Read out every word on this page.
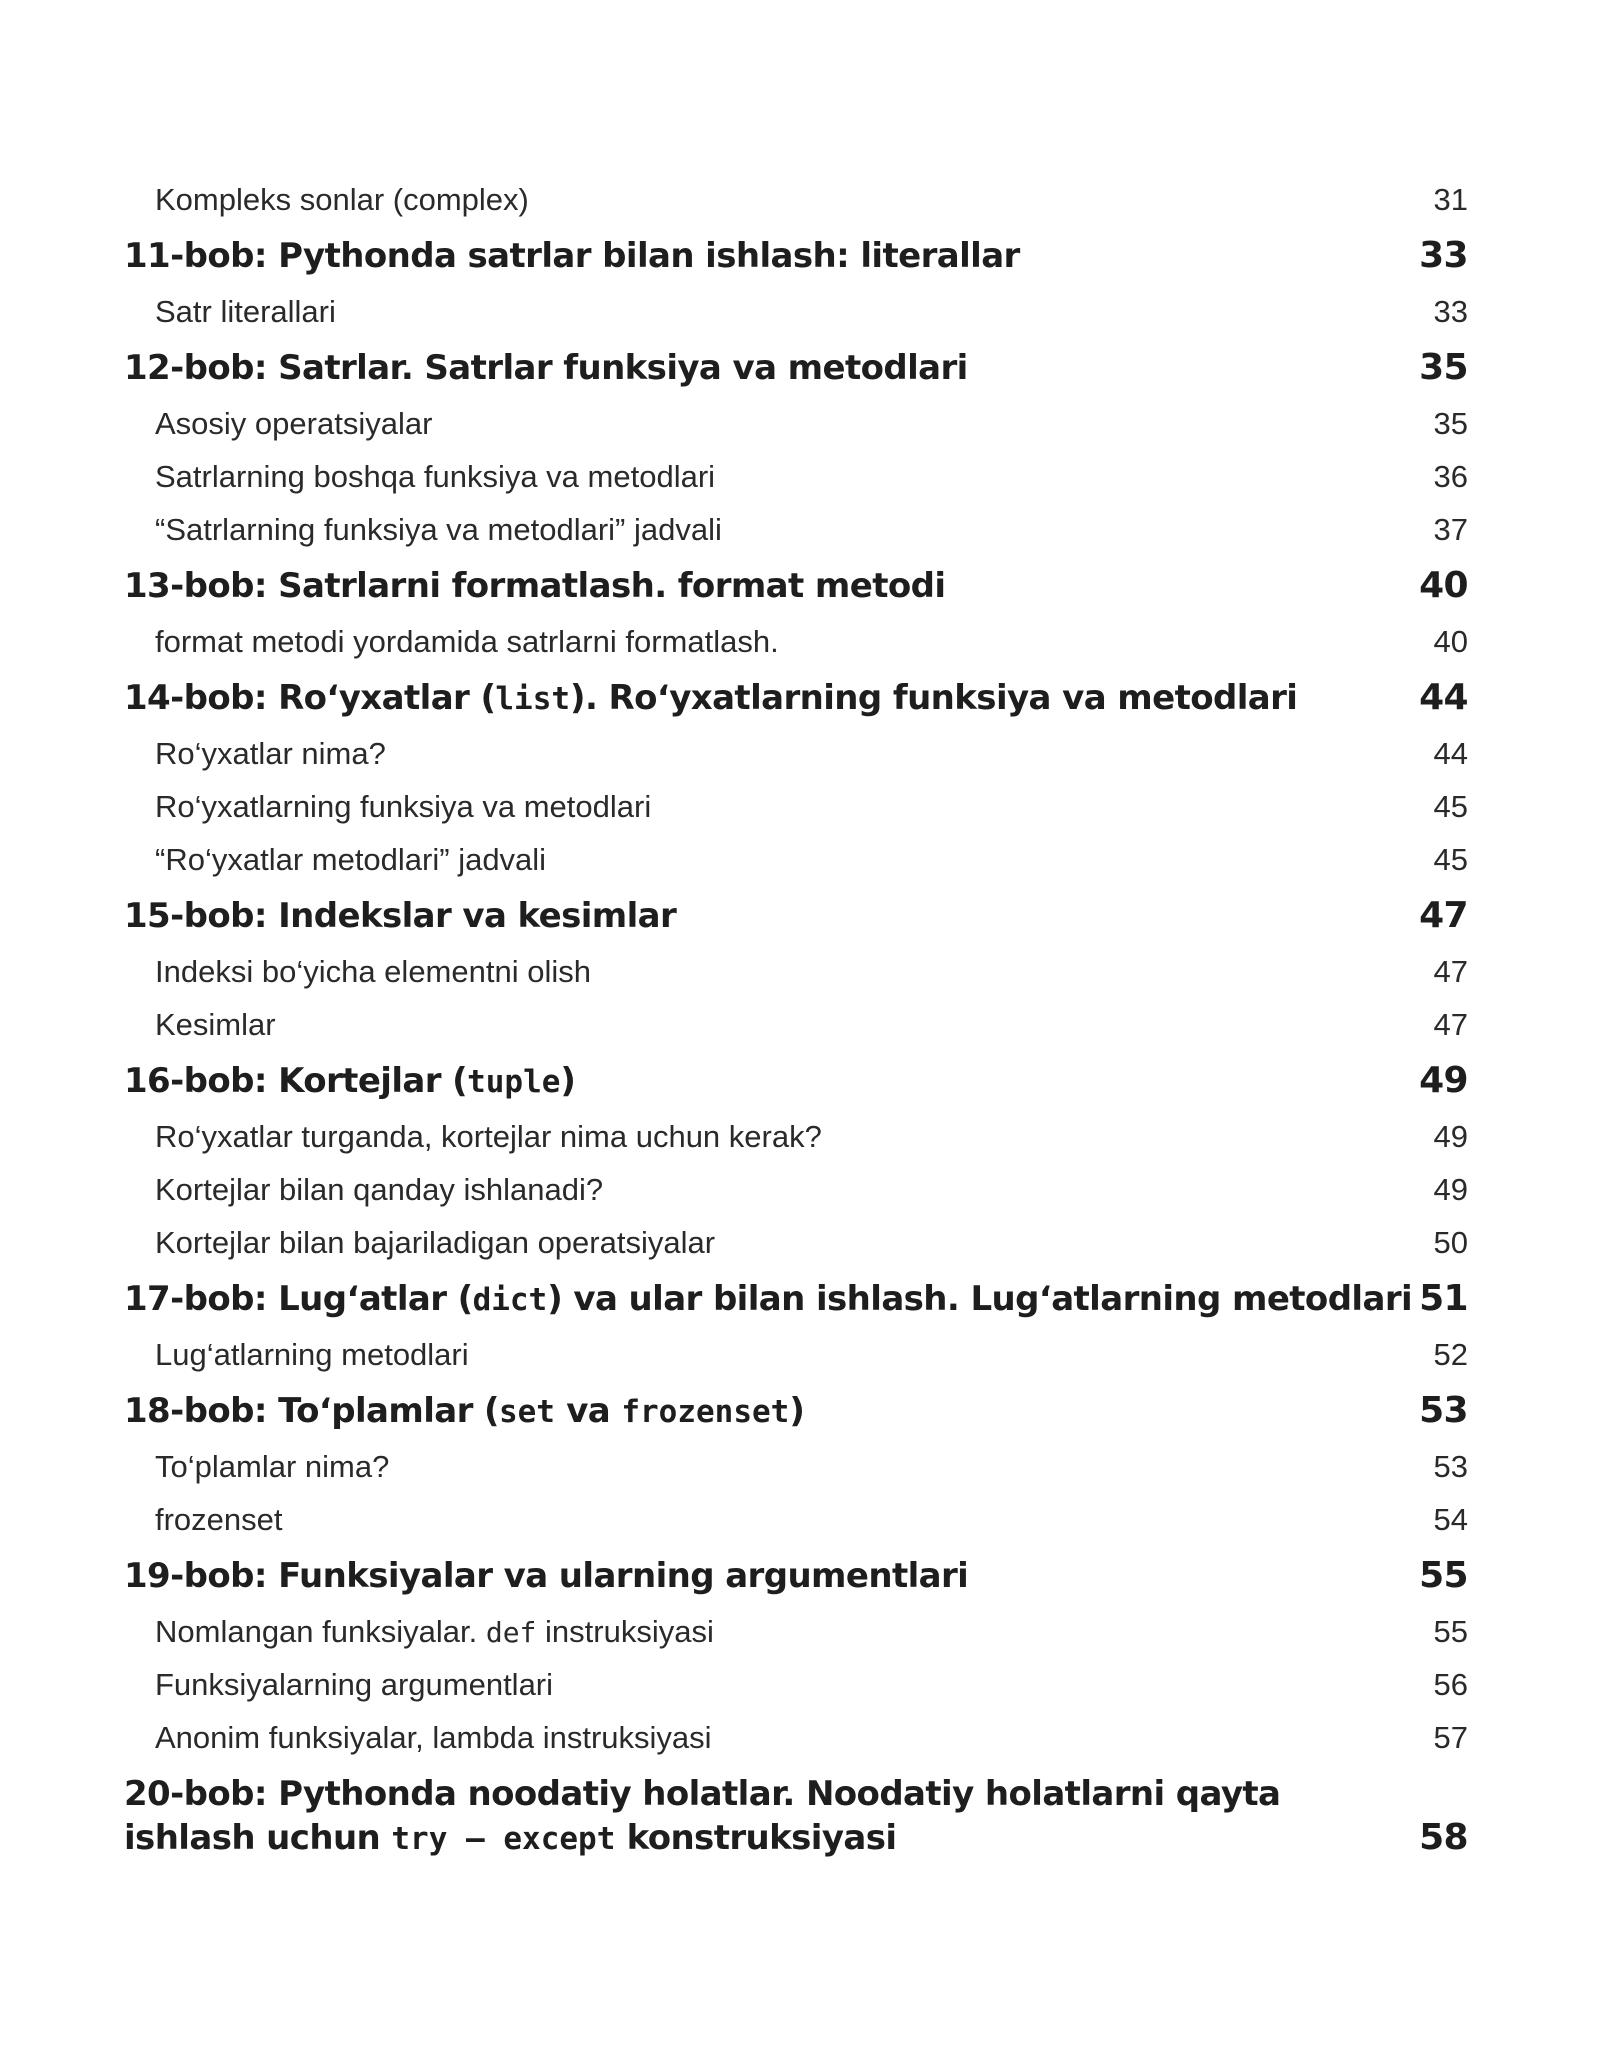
Kompleks sonlar (complex)	31
11-bob: Pythonda satrlar bilan ishlash: literallar	33
Satr literallari	33
12-bob: Satrlar. Satrlar funksiya va metodlari	35
Asosiy operatsiyalar	35
Satrlarning boshqa funksiya va metodlari	36
“Satrlarning funksiya va metodlari” jadvali	37
13-bob: Satrlarni formatlash. format metodi	40
format metodi yordamida satrlarni formatlash.	40
14-bob: Ro‘yxatlar (list). Ro‘yxatlarning funksiya va metodlari	44
Ro‘yxatlar nima?	44
Ro‘yxatlarning funksiya va metodlari	45
“Ro‘yxatlar metodlari” jadvali	45
15-bob: Indekslar va kesimlar	47
Indeksi bo‘yicha elementni olish	47
Kesimlar	47
16-bob: Kortejlar (tuple)	49
Ro‘yxatlar turganda, kortejlar nima uchun kerak?	49
Kortejlar bilan qanday ishlanadi?	49
Kortejlar bilan bajariladigan operatsiyalar	50
17-bob: Lug‘atlar (dict) va ular bilan ishlash. Lug‘atlarning metodlari 51
Lug‘atlarning metodlari	52
18-bob: To‘plamlar (set va frozenset)	53
To‘plamlar nima?	53
frozenset	54
19-bob: Funksiyalar va ularning argumentlari	55
Nomlangan funksiyalar. def instruksiyasi	55
Funksiyalarning argumentlari	56
Anonim funksiyalar, lambda instruksiyasi	57
20-bob: Pythonda noodatiy holatlar. Noodatiy holatlarni qayta ishlash uchun try – except konstruksiyasi	58
